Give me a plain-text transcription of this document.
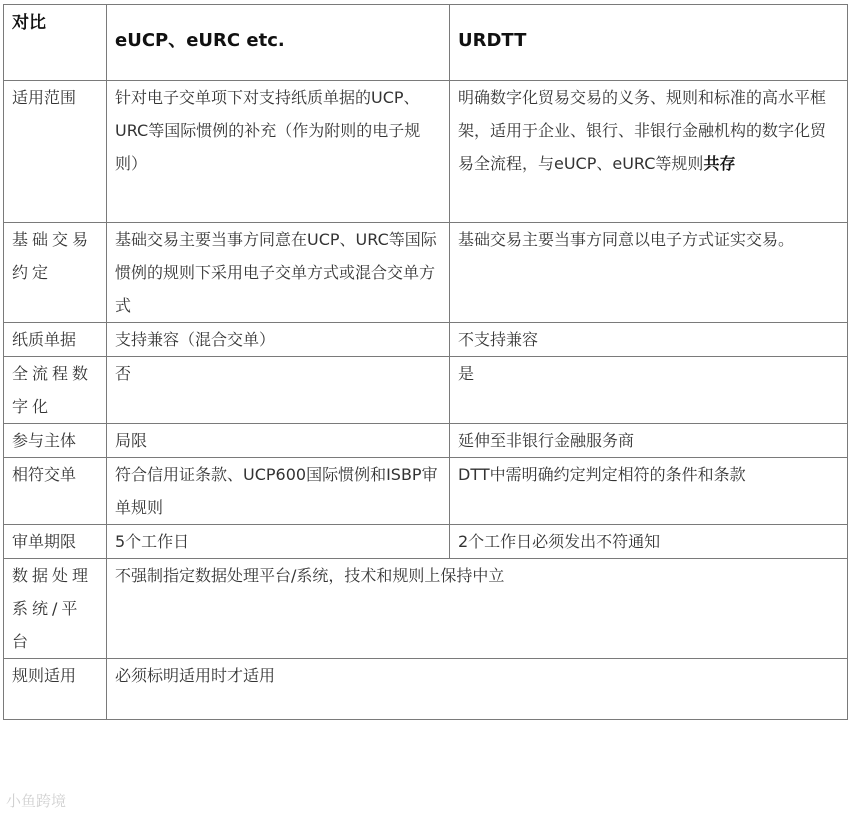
对比	eUCP、eURC etc.	URDTT
适用范围	针对电子交单项下对支持纸质单据的UCP、URC等国际惯例的补充（作为附则的电子规则）	明确数字化贸易交易的义务、规则和标准的高水平框架，适用于企业、银行、非银行金融机构的数字化贸易全流程，与eUCP、eURC等规则共存
基础交易约定	基础交易主要当事方同意在UCP、URC等国际惯例的规则下采用电子交单方式或混合交单方式	基础交易主要当事方同意以电子方式证实交易。
纸质单据	支持兼容（混合交单）	不支持兼容
全流程数字化	否	是
参与主体	局限	延伸至非银行金融服务商
相符交单	符合信用证条款、UCP600国际惯例和ISBP审单规则	DTT中需明确约定判定相符的条件和条款
审单期限	5个工作日	2个工作日必须发出不符通知
数据处理系统/平台	不强制指定数据处理平台/系统，技术和规则上保持中立	
规则适用	必须标明适用时才适用	
小鱼跨境
